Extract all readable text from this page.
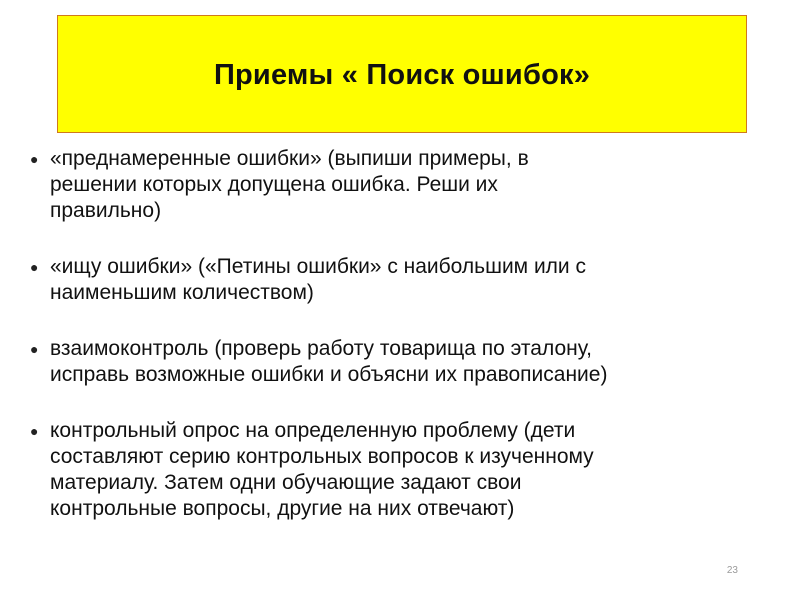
Приемы « Поиск ошибок»
● «преднамеренные ошибки» (выпиши примеры, в
решении которых допущена ошибка. Реши их
правильно)
● «ищу ошибки» («Петины ошибки» с наибольшим или с
наименьшим количеством)
● взаимоконтроль (проверь работу товарища по эталону,
исправь возможные ошибки и объясни их правописание)
● контрольный опрос на определенную проблему (дети
составляют серию контрольных вопросов к изученному
материалу. Затем одни обучающие задают свои
контрольные вопросы, другие на них отвечают)
23
